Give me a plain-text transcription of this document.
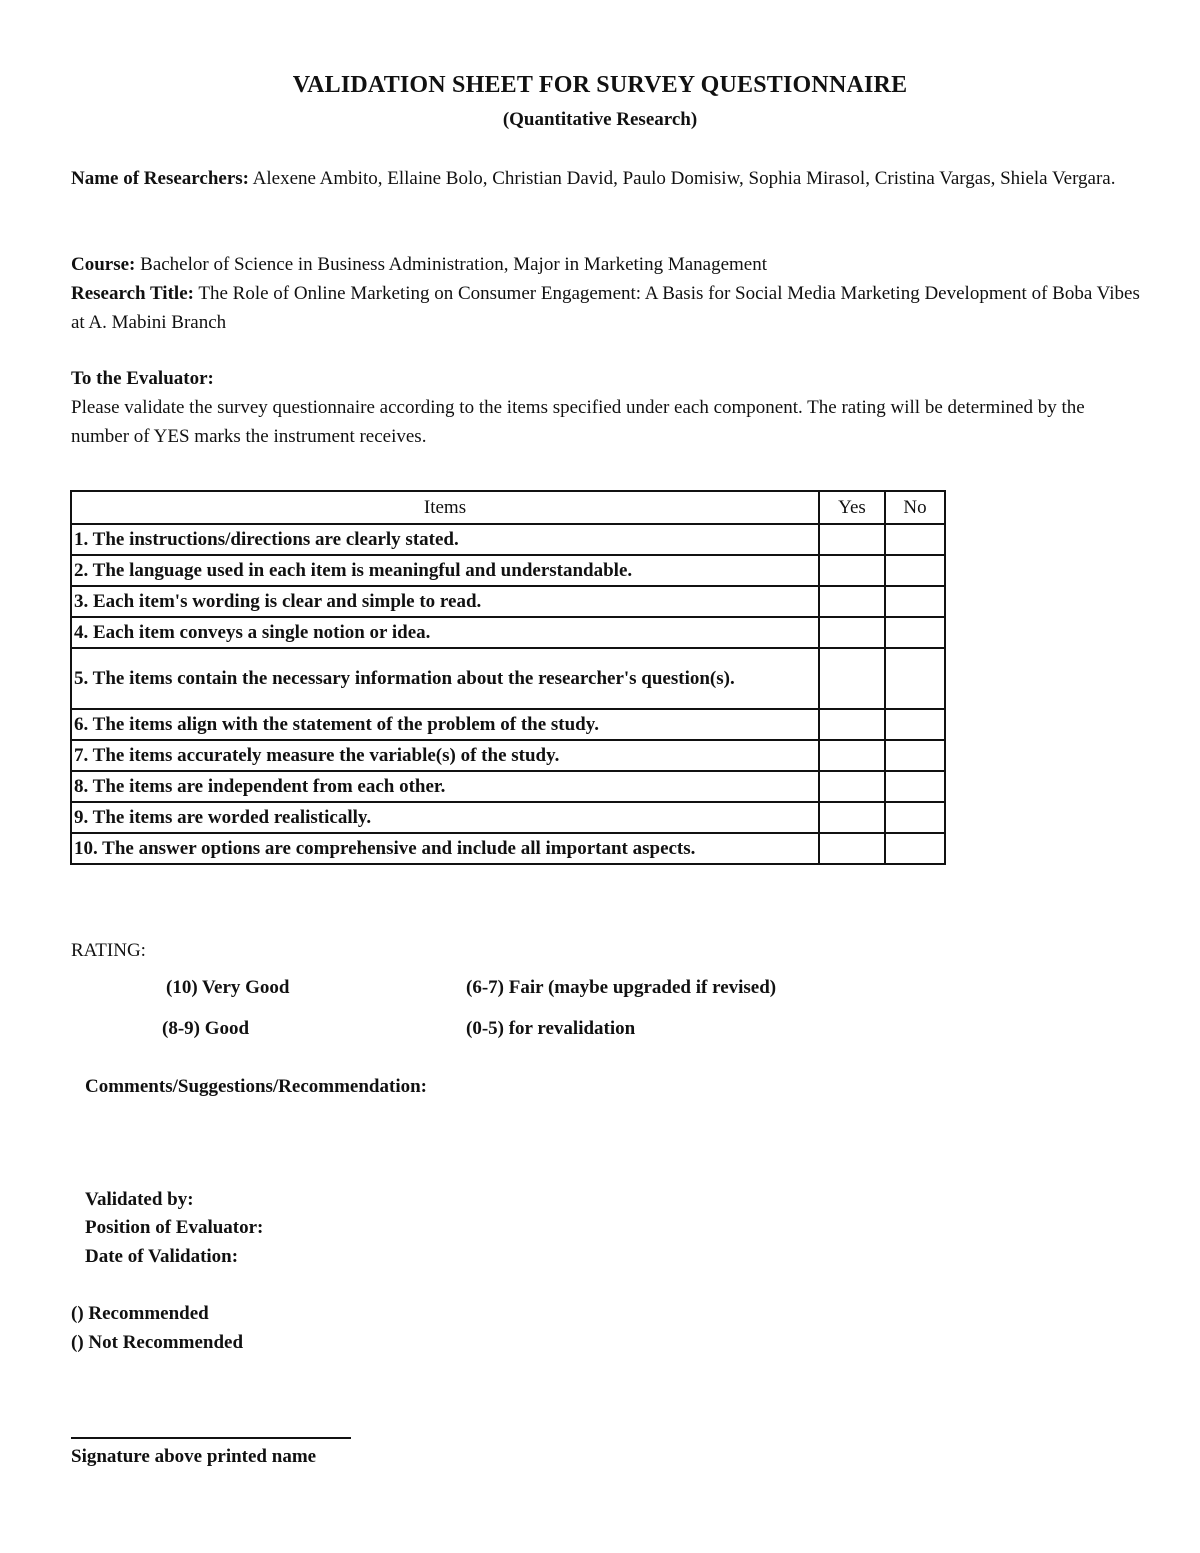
VALIDATION SHEET FOR SURVEY QUESTIONNAIRE
(Quantitative Research)
Name of Researchers: Alexene Ambito, Ellaine Bolo, Christian David, Paulo Domisiw, Sophia Mirasol, Cristina Vargas, Shiela Vergara.
Course: Bachelor of Science in Business Administration, Major in Marketing Management
Research Title: The Role of Online Marketing on Consumer Engagement: A Basis for Social Media Marketing Development of Boba Vibes at A. Mabini Branch
To the Evaluator:
Please validate the survey questionnaire according to the items specified under each component. The rating will be determined by the number of YES marks the instrument receives.
Items	Yes	No
1. The instructions/directions are clearly stated.		
2. The language used in each item is meaningful and understandable.		
3. Each item's wording is clear and simple to read.		
4. Each item conveys a single notion or idea.		
5. The items contain the necessary information about the researcher's question(s).		
6. The items align with the statement of the problem of the study.		
7. The items accurately measure the variable(s) of the study.		
8. The items are independent from each other.		
9. The items are worded realistically.		
10. The answer options are comprehensive and include all important aspects.		
RATING:
(10) Very Good	(6-7) Fair (maybe upgraded if revised)
(8-9) Good	(0-5) for revalidation
Comments/Suggestions/Recommendation:
Validated by:
Position of Evaluator:
Date of Validation:
() Recommended
() Not Recommended
Signature above printed name
